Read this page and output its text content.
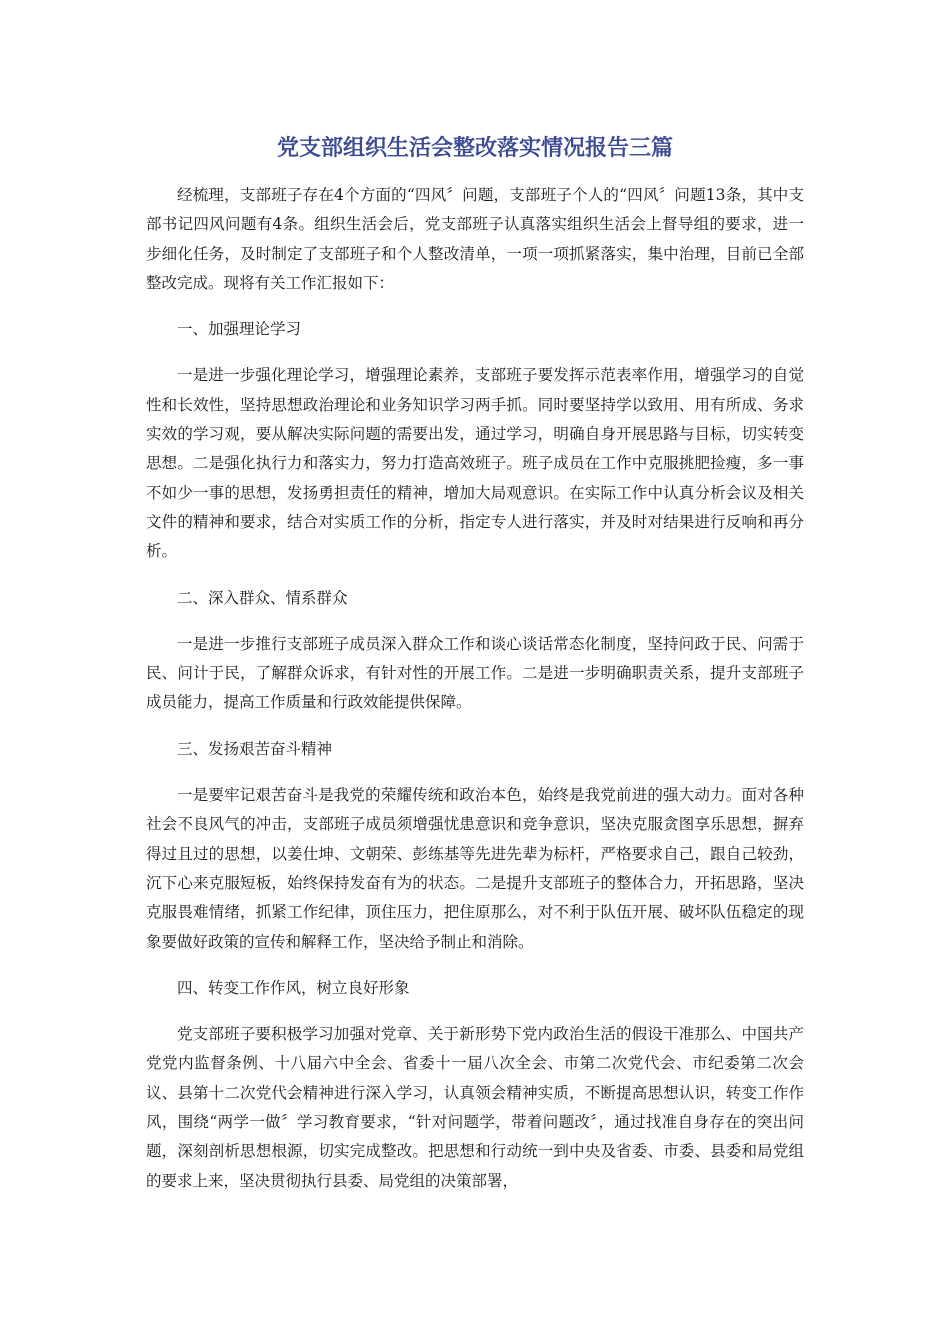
党支部组织生活会整改落实情况报告三篇

经梳理，支部班子存在4个方面的“四风〞问题，支部班子个人的“四风〞问题13条，其中支部书记四风问题有4条。组织生活会后，党支部班子认真落实组织生活会上督导组的要求，进一步细化任务，及时制定了支部班子和个人整改清单，一项一项抓紧落实，集中治理，目前已全部整改完成。现将有关工作汇报如下：

一、加强理论学习

一是进一步强化理论学习，增强理论素养，支部班子要发挥示范表率作用，增强学习的自觉性和长效性，坚持思想政治理论和业务知识学习两手抓。同时要坚持学以致用、用有所成、务求实效的学习观，要从解决实际问题的需要出发，通过学习，明确自身开展思路与目标，切实转变思想。二是强化执行力和落实力，努力打造高效班子。班子成员在工作中克服挑肥捡瘦，多一事不如少一事的思想，发扬勇担责任的精神，增加大局观意识。在实际工作中认真分析会议及相关文件的精神和要求，结合对实质工作的分析，指定专人进行落实，并及时对结果进行反响和再分析。

二、深入群众、情系群众

一是进一步推行支部班子成员深入群众工作和谈心谈话常态化制度，坚持问政于民、问需于民、问计于民，了解群众诉求，有针对性的开展工作。二是进一步明确职责关系，提升支部班子成员能力，提高工作质量和行政效能提供保障。

三、发扬艰苦奋斗精神

一是要牢记艰苦奋斗是我党的荣耀传统和政治本色，始终是我党前进的强大动力。面对各种社会不良风气的冲击，支部班子成员须增强忧患意识和竞争意识，坚决克服贪图享乐思想，摒弃得过且过的思想，以姜仕坤、文朝荣、彭练基等先进先辈为标杆，严格要求自己，跟自己较劲，沉下心来克服短板，始终保持发奋有为的状态。二是提升支部班子的整体合力，开拓思路，坚决克服畏难情绪，抓紧工作纪律，顶住压力，把住原那么，对不利于队伍开展、破坏队伍稳定的现象要做好政策的宣传和解释工作，坚决给予制止和消除。

四、转变工作作风，树立良好形象

党支部班子要积极学习加强对党章、关于新形势下党内政治生活的假设干准那么、中国共产党党内监督条例、十八届六中全会、省委十一届八次全会、市第二次党代会、市纪委第二次会议、县第十二次党代会精神进行深入学习，认真领会精神实质，不断提高思想认识，转变工作作风，围绕“两学一做〞学习教育要求，“针对问题学，带着问题改〞，通过找准自身存在的突出问题，深刻剖析思想根源，切实完成整改。把思想和行动统一到中央及省委、市委、县委和局党组的要求上来，坚决贯彻执行县委、局党组的决策部署，
